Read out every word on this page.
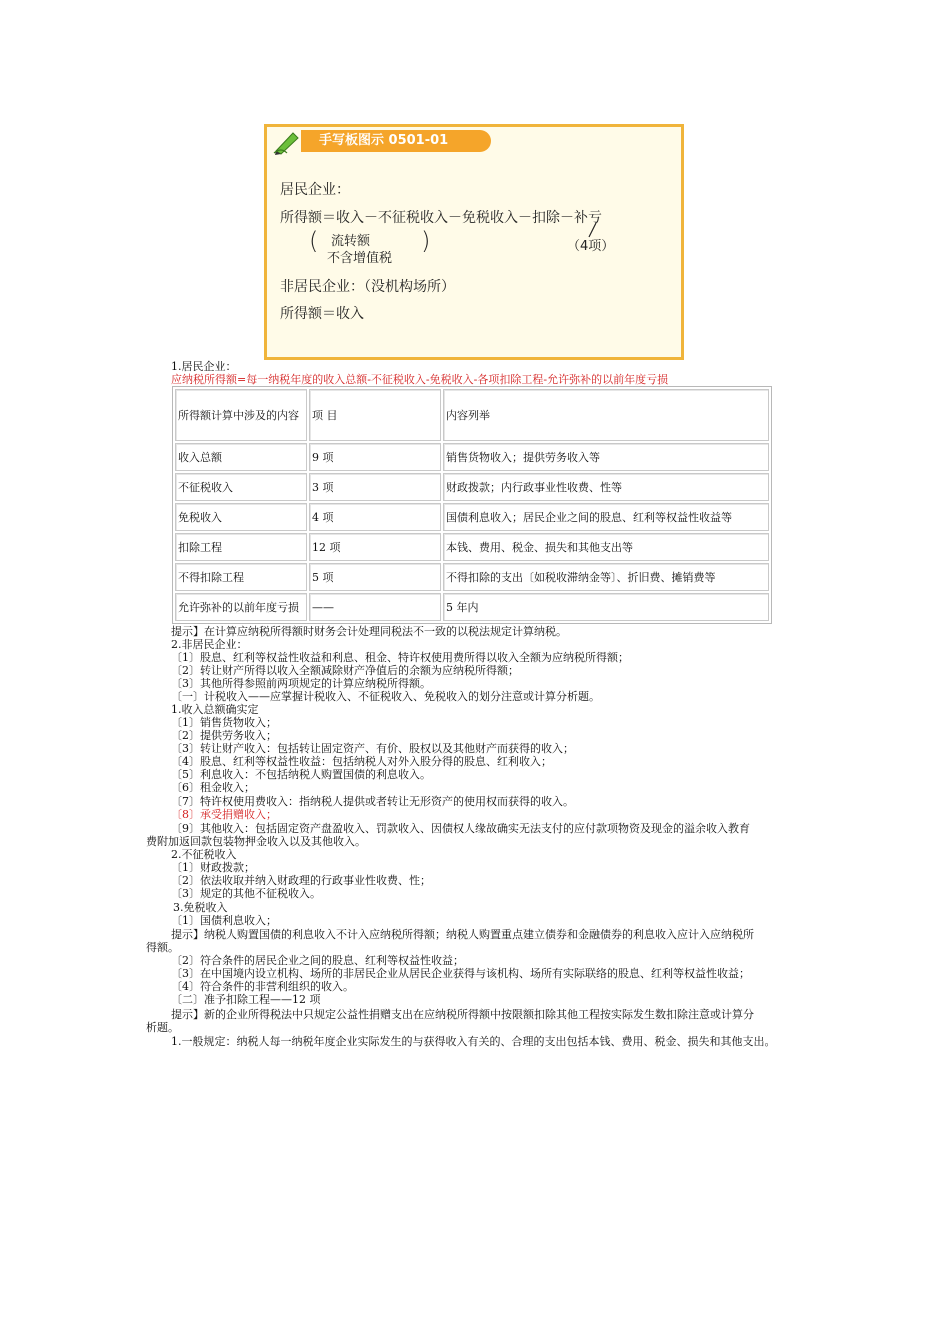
手写板图示 0501-01
居民企业：
所得额＝收入－不征税收入－免税收入－扣除－补亏
( 流转额
不含增值税
)	（4项）
非居民企业：（没机构场所）
所得额＝收入
1.居民企业：
应纳税所得额=每一纳税年度的收入总额-不征税收入-免税收入-各项扣除工程-允许弥补的以前年度亏损
所得额计算中涉及的内容	项 目	内容列举
收入总额	9 项	销售货物收入；提供劳务收入等
不征税收入	3 项	财政拨款；内行政事业性收费、性等
免税收入	4 项	国债利息收入；居民企业之间的股息、红利等权益性收益等
扣除工程	12 项	本钱、费用、税金、损失和其他支出等
不得扣除工程	5 项	不得扣除的支出〔如税收滞纳金等〕、折旧费、摊销费等
允许弥补的以前年度亏损	——	5 年内
提示】在计算应纳税所得额时财务会计处理同税法不一致的以税法规定计算纳税。
2.非居民企业：
〔1〕股息、红利等权益性收益和利息、租金、特许权使用费所得以收入全额为应纳税所得额；
〔2〕转让财产所得以收入全额减除财产净值后的余额为应纳税所得额；
〔3〕其他所得参照前两项规定的计算应纳税所得额。
〔一〕计税收入——应掌握计税收入、不征税收入、免税收入的划分注意或计算分析题。
1.收入总额确实定
〔1〕销售货物收入；
〔2〕提供劳务收入；
〔3〕转让财产收入：包括转让固定资产、有价、股权以及其他财产而获得的收入；
〔4〕股息、红利等权益性收益：包括纳税人对外入股分得的股息、红利收入；
〔5〕利息收入：不包括纳税人购置国债的利息收入。
〔6〕租金收入；
〔7〕特许权使用费收入：指纳税人提供或者转让无形资产的使用权而获得的收入。
〔8〕承受捐赠收入；
〔9〕其他收入：包括固定资产盘盈收入、罚款收入、因债权人缘故确实无法支付的应付款项物资及现金的溢余收入教育
费附加返回款包装物押金收入以及其他收入。
2.不征税收入
〔1〕财政拨款；
〔2〕依法收取并纳入财政理的行政事业性收费、性；
〔3〕规定的其他不征税收入。
3.免税收入
〔1〕国债利息收入；
提示】纳税人购置国债的利息收入不计入应纳税所得额；纳税人购置重点建立债券和金融债券的利息收入应计入应纳税所
得额。
〔2〕符合条件的居民企业之间的股息、红利等权益性收益；
〔3〕在中国境内设立机构、场所的非居民企业从居民企业获得与该机构、场所有实际联络的股息、红利等权益性收益；
〔4〕符合条件的非营利组织的收入。
〔二〕准予扣除工程——12 项
提示】新的企业所得税法中只规定公益性捐赠支出在应纳税所得额中按限额扣除其他工程按实际发生数扣除注意或计算分
析题。
1.一般规定：纳税人每一纳税年度企业实际发生的与获得收入有关的、合理的支出包括本钱、费用、税金、损失和其他支出。
